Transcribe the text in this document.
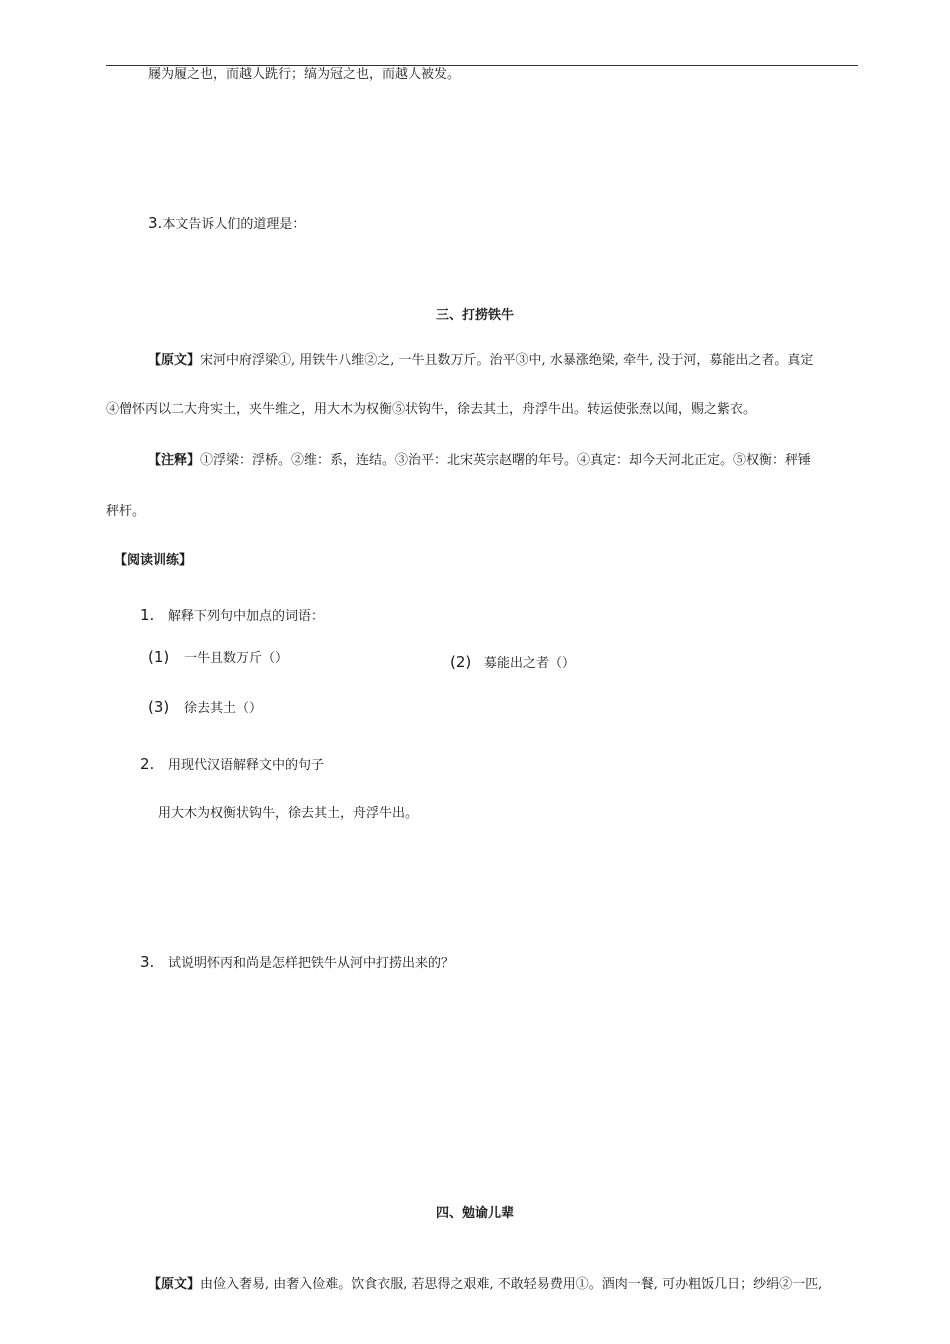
屦为履之也，而越人跣行；缟为冠之也，而越人被发。
3.本文告诉人们的道理是：
三、打捞铁牛
【原文】宋河中府浮梁①, 用铁牛八维②之, 一牛且数万斤。治平③中, 水暴涨绝梁, 牵牛, 没于河，募能出之者。真定
④僧怀丙以二大舟实土，夹牛维之，用大木为权衡⑤状钩牛，徐去其土，舟浮牛出。转运使张焘以闻，赐之紫衣。
【注释】①浮梁：浮桥。②维：系，连结。③治平：北宋英宗赵曙的年号。④真定：却今天河北正定。⑤权衡：秤锤
秤杆。
【阅读训练】
1. 解释下列句中加点的词语：
(1) 一牛且数万斤（）	(2) 募能出之者（）
(3) 徐去其土（）
2. 用现代汉语解释文中的句子
用大木为权衡状钩牛，徐去其土，舟浮牛出。
3. 试说明怀丙和尚是怎样把铁牛从河中打捞出来的？
四、勉谕儿辈
【原文】由俭入奢易, 由奢入俭难。饮食衣服, 若思得之艰难, 不敢轻易费用①。酒肉一餐, 可办粗饭几日；纱绢②一匹,
